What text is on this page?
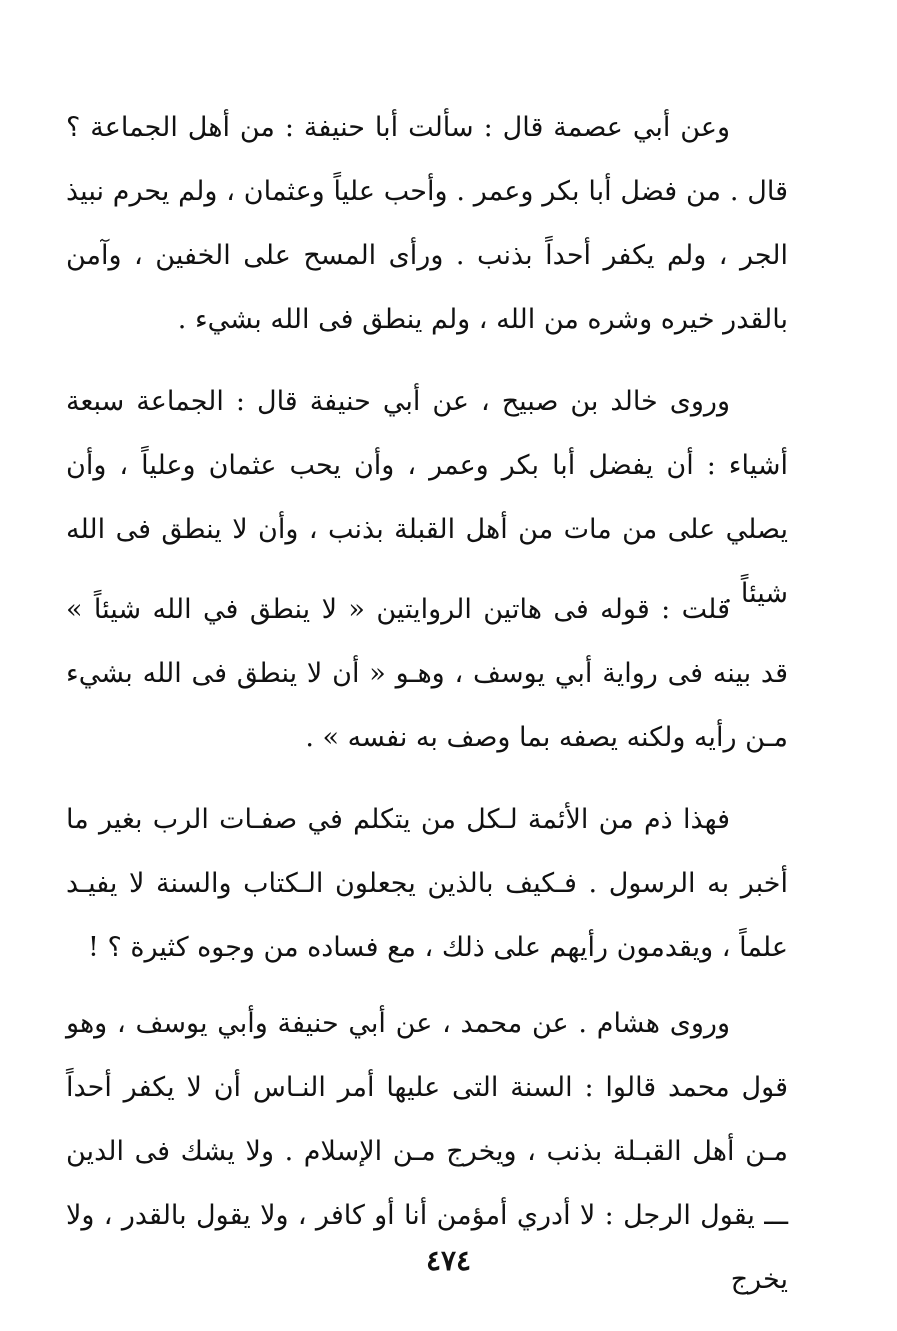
وعن أبي عصمة قال : سألت أبا حنيفة : من أهل الجماعة ؟ قال . من فضل أبا بكر وعمر . وأحب علياً وعثمان ، ولم يحرم نبيذ الجر ، ولم يكفر أحداً بذنب . ورأى المسح على الخفين ، وآمن بالقدر خيره وشره من الله ، ولم ينطق فى الله بشيء .

وروى خالد بن صبيح ، عن أبي حنيفة قال : الجماعة سبعة أشياء : أن يفضل أبا بكر وعمر ، وأن يحب عثمان وعلياً ، وأن يصلي على من مات من أهل القبلة بذنب ، وأن لا ينطق فى الله شيئاً .

قلت : قوله فى هاتين الروايتين « لا ينطق في الله شيئاً » قد بينه فى رواية أبي يوسف ، وهـو « أن لا ينطق فى الله بشيء مـن رأيه ولكنه يصفه بما وصف به نفسه » .

فهذا ذم من الأئمة لـكل من يتكلم في صفـات الرب بغير ما أخبر به الرسول . فـكيف بالذين يجعلون الـكتاب والسنة لا يفيـد علماً ، ويقدمون رأيهم على ذلك ، مع فساده من وجوه كثيرة ؟ !

وروى هشام . عن محمد ، عن أبي حنيفة وأبي يوسف ، وهو قول محمد قالوا : السنة التى عليها أمر النـاس أن لا يكفر أحداً مـن أهل القبـلة بذنب ، ويخرج مـن الإسلام . ولا يشك فى الدين ـــ يقول الرجل : لا أدري أمؤمن أنا أو كافر ، ولا يقول بالقدر ، ولا يخرج

٤٧٤
